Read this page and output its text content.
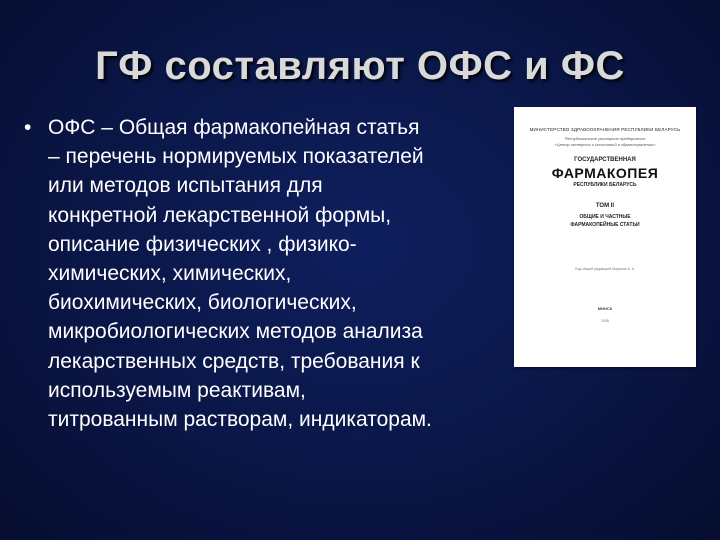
ГФ составляют ОФС и ФС
• ОФС – Общая фармакопейная статья
– перечень нормируемых показателей
или методов испытания для
конкретной лекарственной формы,
описание физических , физико-
химических, химических,
биохимических, биологических,
микробиологических методов анализа
лекарственных средств, требования к
используемым реактивам,
титрованным растворам, индикаторам.
МИНИСТЕРСТВО ЗДРАВООХРАНЕНИЯ РЕСПУБЛИКИ БЕЛАРУСЬ
Республиканское унитарное предприятие
«Центр экспертиз и испытаний в здравоохранении»
ГОСУДАРСТВЕННАЯ
ФАРМАКОПЕЯ
РЕСПУБЛИКИ БЕЛАРУСЬ
ТОМ II
ОБЩИЕ И ЧАСТНЫЕ
ФАРМАКОПЕЙНЫЕ СТАТЬИ
Под общей редакцией Шеряков А. А.
МИНСК
2008
